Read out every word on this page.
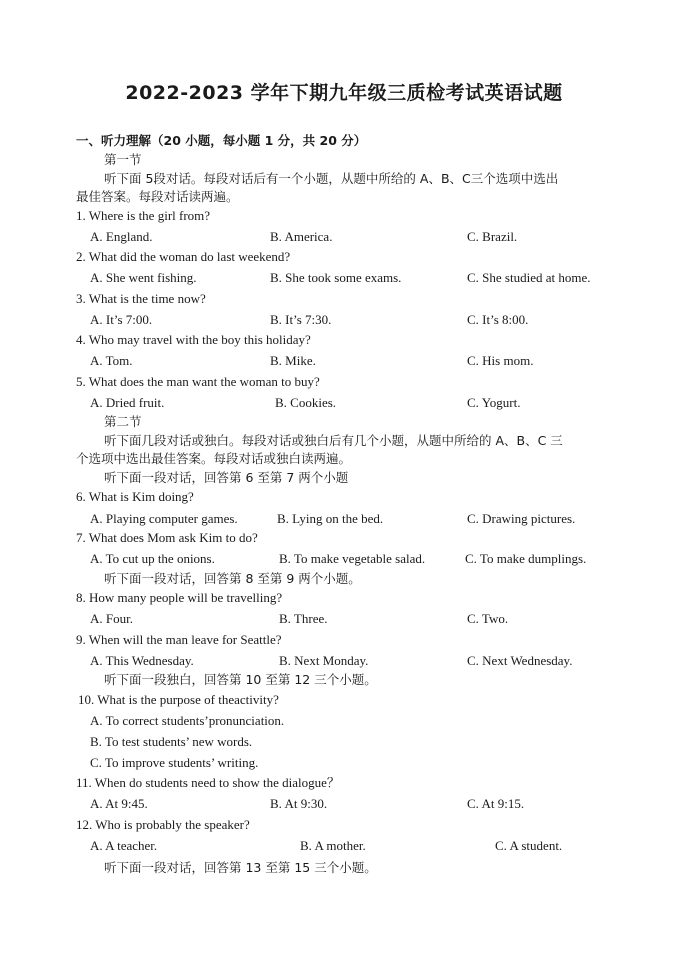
2022-2023 学年下期九年级三质检考试英语试题
一、听力理解（20 小题，每小题 1 分，共 20 分）
第一节
听下面 5段对话。每段对话后有一个小题，从题中所给的 A、B、C三个选项中选出
最佳答案。每段对话读两遍。
1. Where is the girl from?
A. England.	B. America.	C. Brazil.
2. What did the woman do last weekend?
A. She went fishing.	B. She took some exams.	C. She studied at home.
3. What is the time now?
A. It’s 7:00.	B. It’s 7:30.	C. It’s 8:00.
4. Who may travel with the boy this holiday?
A. Tom.	B. Mike.	C. His mom.
5. What does the man want the woman to buy?
A. Dried fruit.	B. Cookies.	C. Yogurt.
第二节
听下面几段对话或独白。每段对话或独白后有几个小题，从题中所给的 A、B、C 三
个选项中选出最佳答案。每段对话或独白读两遍。
听下面一段对话，回答第 6 至第 7 两个小题
6. What is Kim doing?
A. Playing computer games.	B. Lying on the bed.	C. Drawing pictures.
7. What does Mom ask Kim to do?
A. To cut up the onions.	B. To make vegetable salad.	C. To make dumplings.
听下面一段对话，回答第 8 至第 9 两个小题。
8. How many people will be travelling?
A. Four.	B. Three.	C. Two.
9. When will the man leave for Seattle?
A. This Wednesday.	B. Next Monday.	C. Next Wednesday.
听下面一段独白，回答第 10 至第 12 三个小题。
10. What is the purpose of theactivity?
A. To correct students’pronunciation.
B. To test students’ new words.
C. To improve students’ writing.
11. When do students need to show the dialogue？
A. At 9:45.	B. At 9:30.	C. At 9:15.
12. Who is probably the speaker?
A. A teacher.	B. A mother.	C. A student.
听下面一段对话，回答第 13 至第 15 三个小题。
